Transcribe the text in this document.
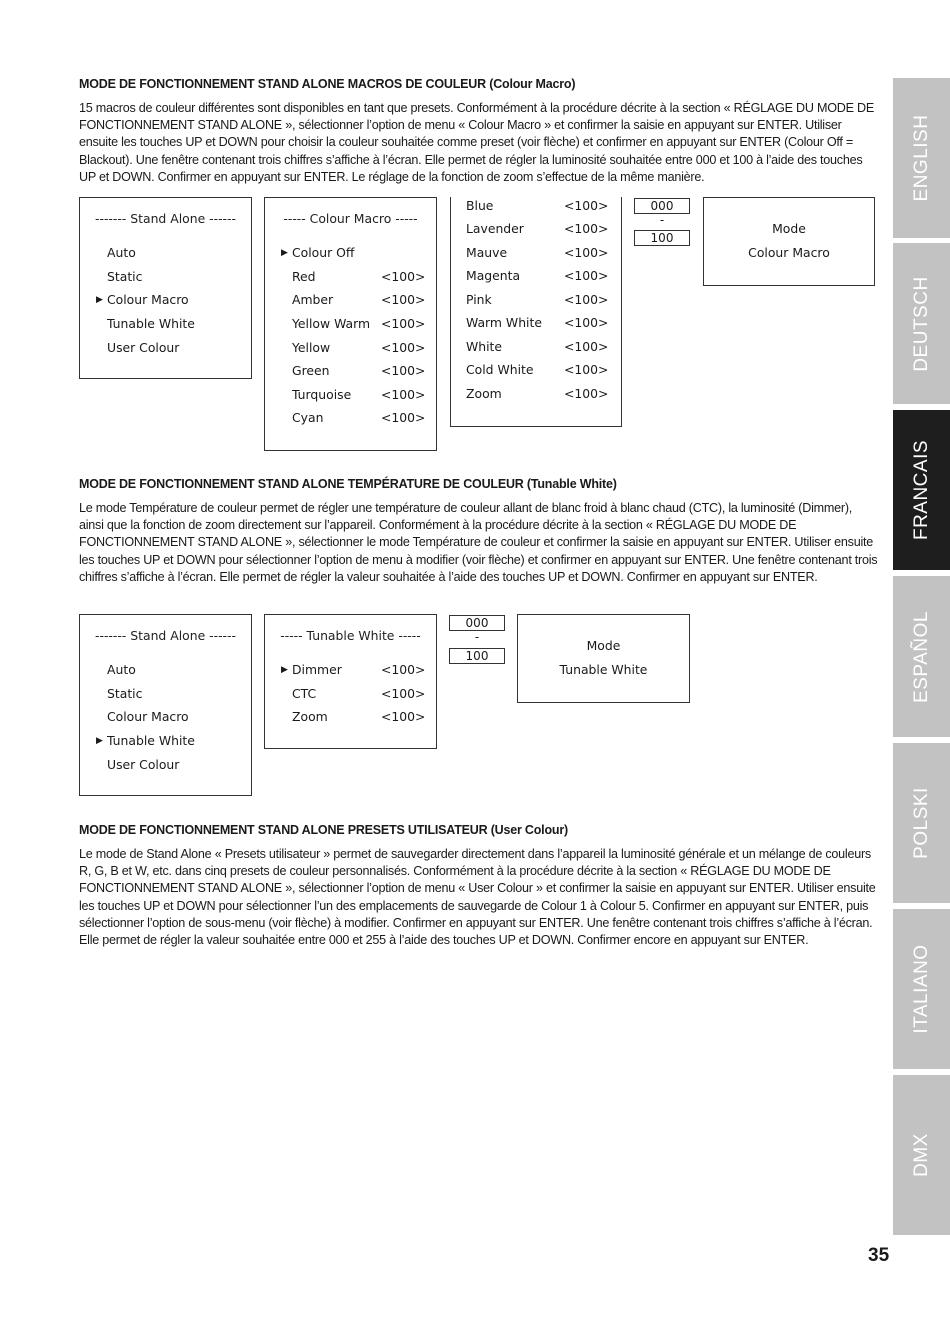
MODE DE FONCTIONNEMENT STAND ALONE MACROS DE COULEUR (Colour Macro)
15 macros de couleur différentes sont disponibles en tant que presets. Conformément à la procédure décrite à la section « RÉGLAGE DU MODE DE FONCTIONNEMENT STAND ALONE », sélectionner l’option de menu « Colour Macro » et confirmer la saisie en appuyant sur ENTER. Utiliser ensuite les touches UP et DOWN pour choisir la couleur souhaitée comme preset (voir flèche) et confirmer en appuyant sur ENTER (Colour Off = Blackout). Une fenêtre contenant trois chiffres s’affiche à l’écran. Elle permet de régler la luminosité souhaitée entre 000 et 100 à l’aide des touches UP et DOWN. Confirmer en appuyant sur ENTER. Le réglage de la fonction de zoom s’effectue de la même manière.
------- Stand Alone ------
Auto
Static
▶ Colour Macro
Tunable White
User Colour
----- Colour Macro -----
▶ Colour Off
Red	<100>
Amber	<100>
Yellow Warm <100>
Yellow	<100>
Green	<100>
Turquoise <100>
Cyan	<100>
Blue	<100>
Lavender	<100>
Mauve	<100>
Magenta	<100>
Pink	<100>
Warm White <100>
White	<100>
Cold White <100>
Zoom	<100>
000
-
100
Mode
Colour Macro
MODE DE FONCTIONNEMENT STAND ALONE TEMPÉRATURE DE COULEUR (Tunable White)
Le mode Température de couleur permet de régler une température de couleur allant de blanc froid à blanc chaud (CTC), la luminosité (Dimmer), ainsi que la fonction de zoom directement sur l’appareil. Conformément à la procédure décrite à la section « RÉGLAGE DU MODE DE FONCTIONNEMENT STAND ALONE », sélectionner le mode Température de couleur et confirmer la saisie en appuyant sur ENTER. Utiliser ensuite les touches UP et DOWN pour sélectionner l’option de menu à modifier (voir flèche) et confirmer en appuyant sur ENTER. Une fenêtre contenant trois chiffres s’affiche à l’écran. Elle permet de régler la valeur souhaitée à l’aide des touches UP et DOWN. Confirmer en appuyant sur ENTER.
------- Stand Alone ------
Auto
Static
Colour Macro
▶ Tunable White
User Colour
----- Tunable White -----
▶ Dimmer	<100>
CTC	<100>
Zoom	<100>
000
-
100
Mode
Tunable White
MODE DE FONCTIONNEMENT STAND ALONE PRESETS UTILISATEUR (User Colour)
Le mode de Stand Alone « Presets utilisateur » permet de sauvegarder directement dans l’appareil la luminosité générale et un mélange de couleurs R, G, B et W, etc. dans cinq presets de couleur personnalisés. Conformément à la procédure décrite à la section « RÉGLAGE DU MODE DE FONCTIONNEMENT STAND ALONE », sélectionner l’option de menu « User Colour » et confirmer la saisie en appuyant sur ENTER. Utiliser ensuite les touches UP et DOWN pour sélectionner l’un des emplacements de sauvegarde de Colour 1 à Colour 5. Confirmer en appuyant sur ENTER, puis sélectionner l’option de sous-menu (voir flèche) à modifier. Confirmer en appuyant sur ENTER. Une fenêtre contenant trois chiffres s’affiche à l’écran. Elle permet de régler la valeur souhaitée entre 000 et 255 à l’aide des touches UP et DOWN. Confirmer encore en appuyant sur ENTER.
ENGLISH
DEUTSCH
FRANCAIS
ESPAÑOL
POLSKI
ITALIANO
DMX
35
